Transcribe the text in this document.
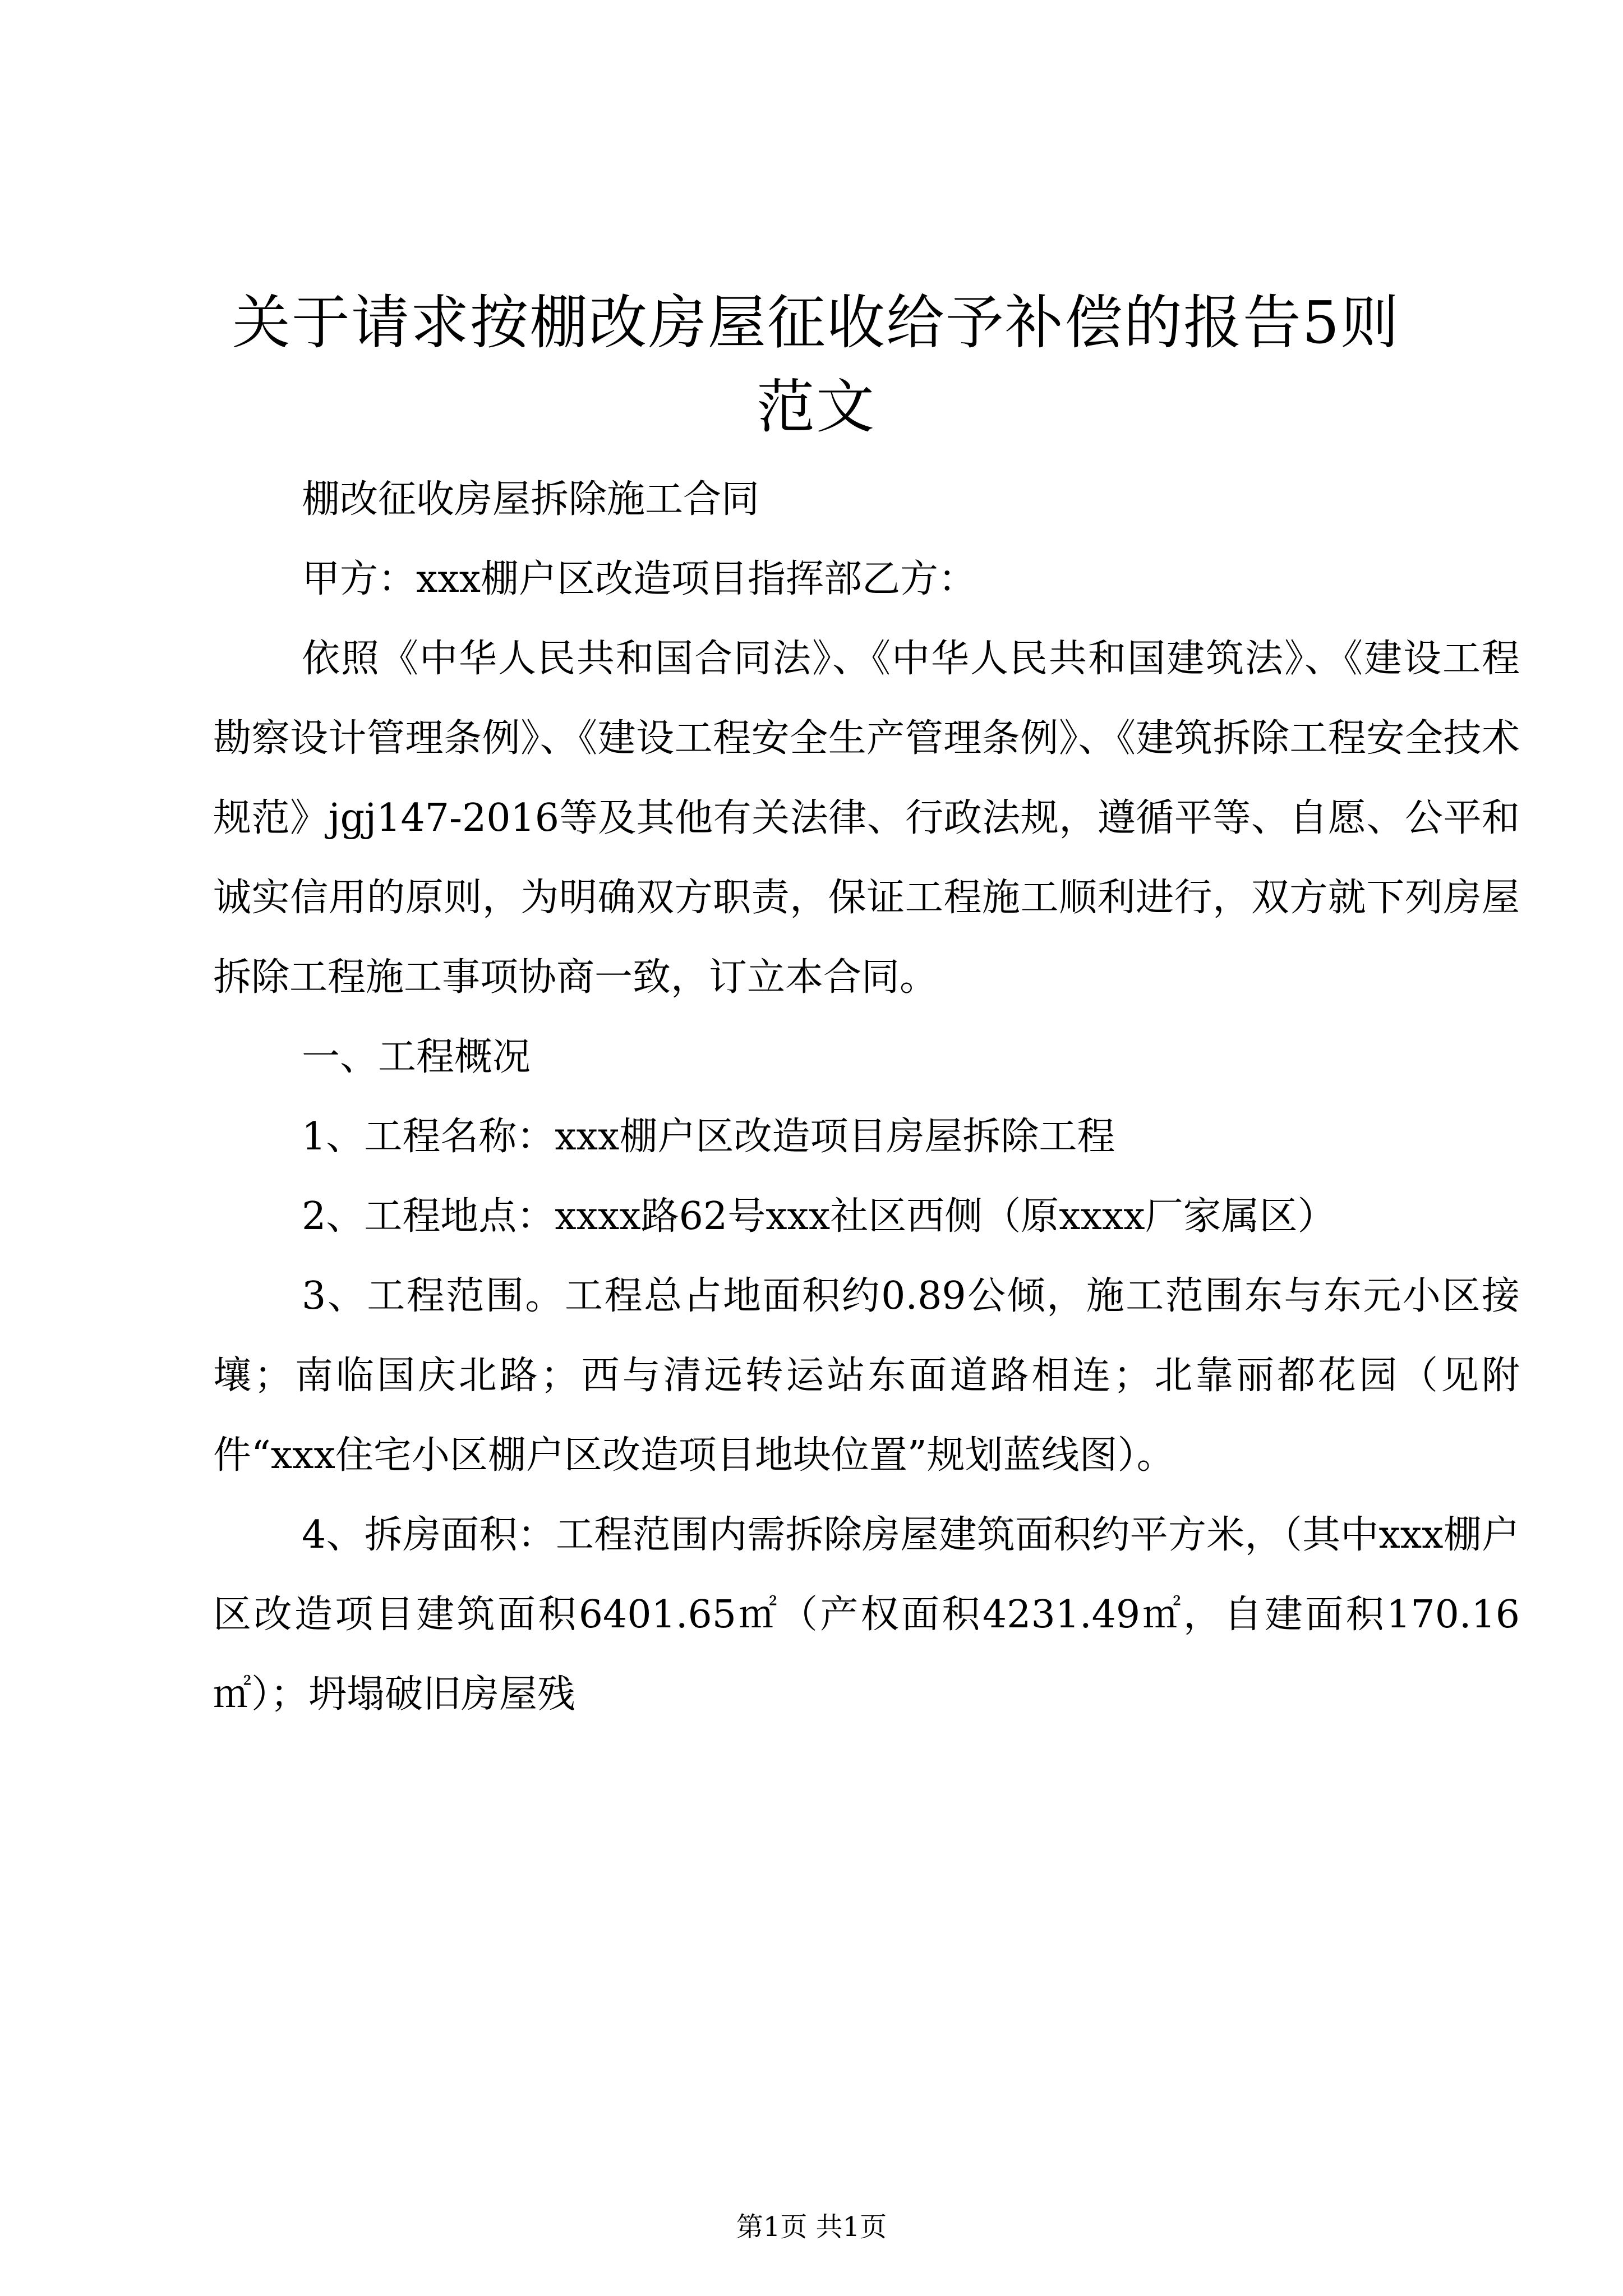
关于请求按棚改房屋征收给予补偿的报告5则范文

棚改征收房屋拆除施工合同

甲方：xxx棚户区改造项目指挥部乙方：

依照《中华人民共和国合同法》、《中华人民共和国建筑法》、《建设工程勘察设计管理条例》、《建设工程安全生产管理条例》、《建筑拆除工程安全技术规范》jgj147-2016等及其他有关法律、行政法规，遵循平等、自愿、公平和诚实信用的原则，为明确双方职责，保证工程施工顺利进行，双方就下列房屋拆除工程施工事项协商一致，订立本合同。

一、工程概况

1、工程名称：xxx棚户区改造项目房屋拆除工程

2、工程地点：xxxx路62号xxx社区西侧（原xxxx厂家属区）

3、工程范围。工程总占地面积约0.89公倾，施工范围东与东元小区接壤；南临国庆北路；西与清远转运站东面道路相连；北靠丽都花园（见附件“xxx住宅小区棚户区改造项目地块位置”规划蓝线图）。

4、拆房面积：工程范围内需拆除房屋建筑面积约平方米，（其中xxx棚户区改造项目建筑面积6401.65㎡（产权面积4231.49㎡，自建面积170.16㎡）；坍塌破旧房屋残

第1页 共1页
